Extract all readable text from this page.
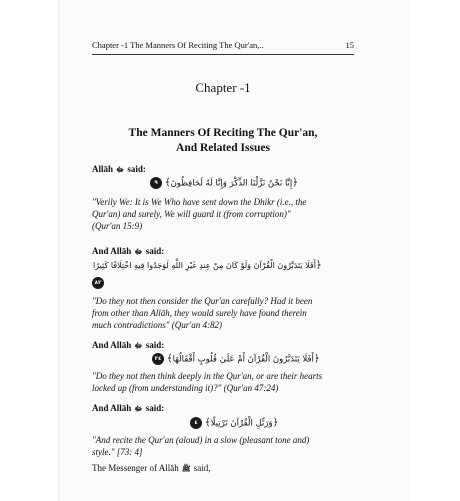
Chapter -1 The Manners Of Reciting The Qur'an,..	15
Chapter -1
The Manners Of Reciting The Qur'an,
And Related Issues
Allāh ﷻ said:
﴿إِنَّا نَحْنُ نَزَّلْنَا الذِّكْرَ وَإِنَّا لَهُ لَحَافِظُونَ﴾ ٩
"Verily We: It is We Who have sent down the Dhikr (i.e., the
Qur'an) and surely, We will guard it (from corruption)"
(Qur'an 15:9)
And Allāh ﷻ said:
﴿أَفَلَا يَتَدَبَّرُونَ الْقُرْآنَ وَلَوْ كَانَ مِنْ عِندِ غَيْرِ اللَّهِ لَوَجَدُوا فِيهِ اخْتِلَافًا كَثِيرًا
٨٢
"Do they not then consider the Qur'an carefully? Had it been
from other than Allāh, they would surely have found therein
much contradictions" (Qur'an 4:82)
And Allāh ﷻ said:
﴿أَفَلَا يَتَدَبَّرُونَ الْقُرْآنَ أَمْ عَلَىٰ قُلُوبٍ أَقْفَالُهَا﴾ ٢٤
"Do they not then think deeply in the Qur'an, or are their hearts
locked up (from understanding it)?" (Qur'an 47:24)
And Allāh ﷻ said:
﴿وَرَتِّلِ الْقُرْآنَ تَرْتِيلًا﴾ ٤
"And recite the Qur'an (aloud) in a slow (pleasant tone and)
style." [73: 4]
The Messenger of Allāh ﷺ said,
